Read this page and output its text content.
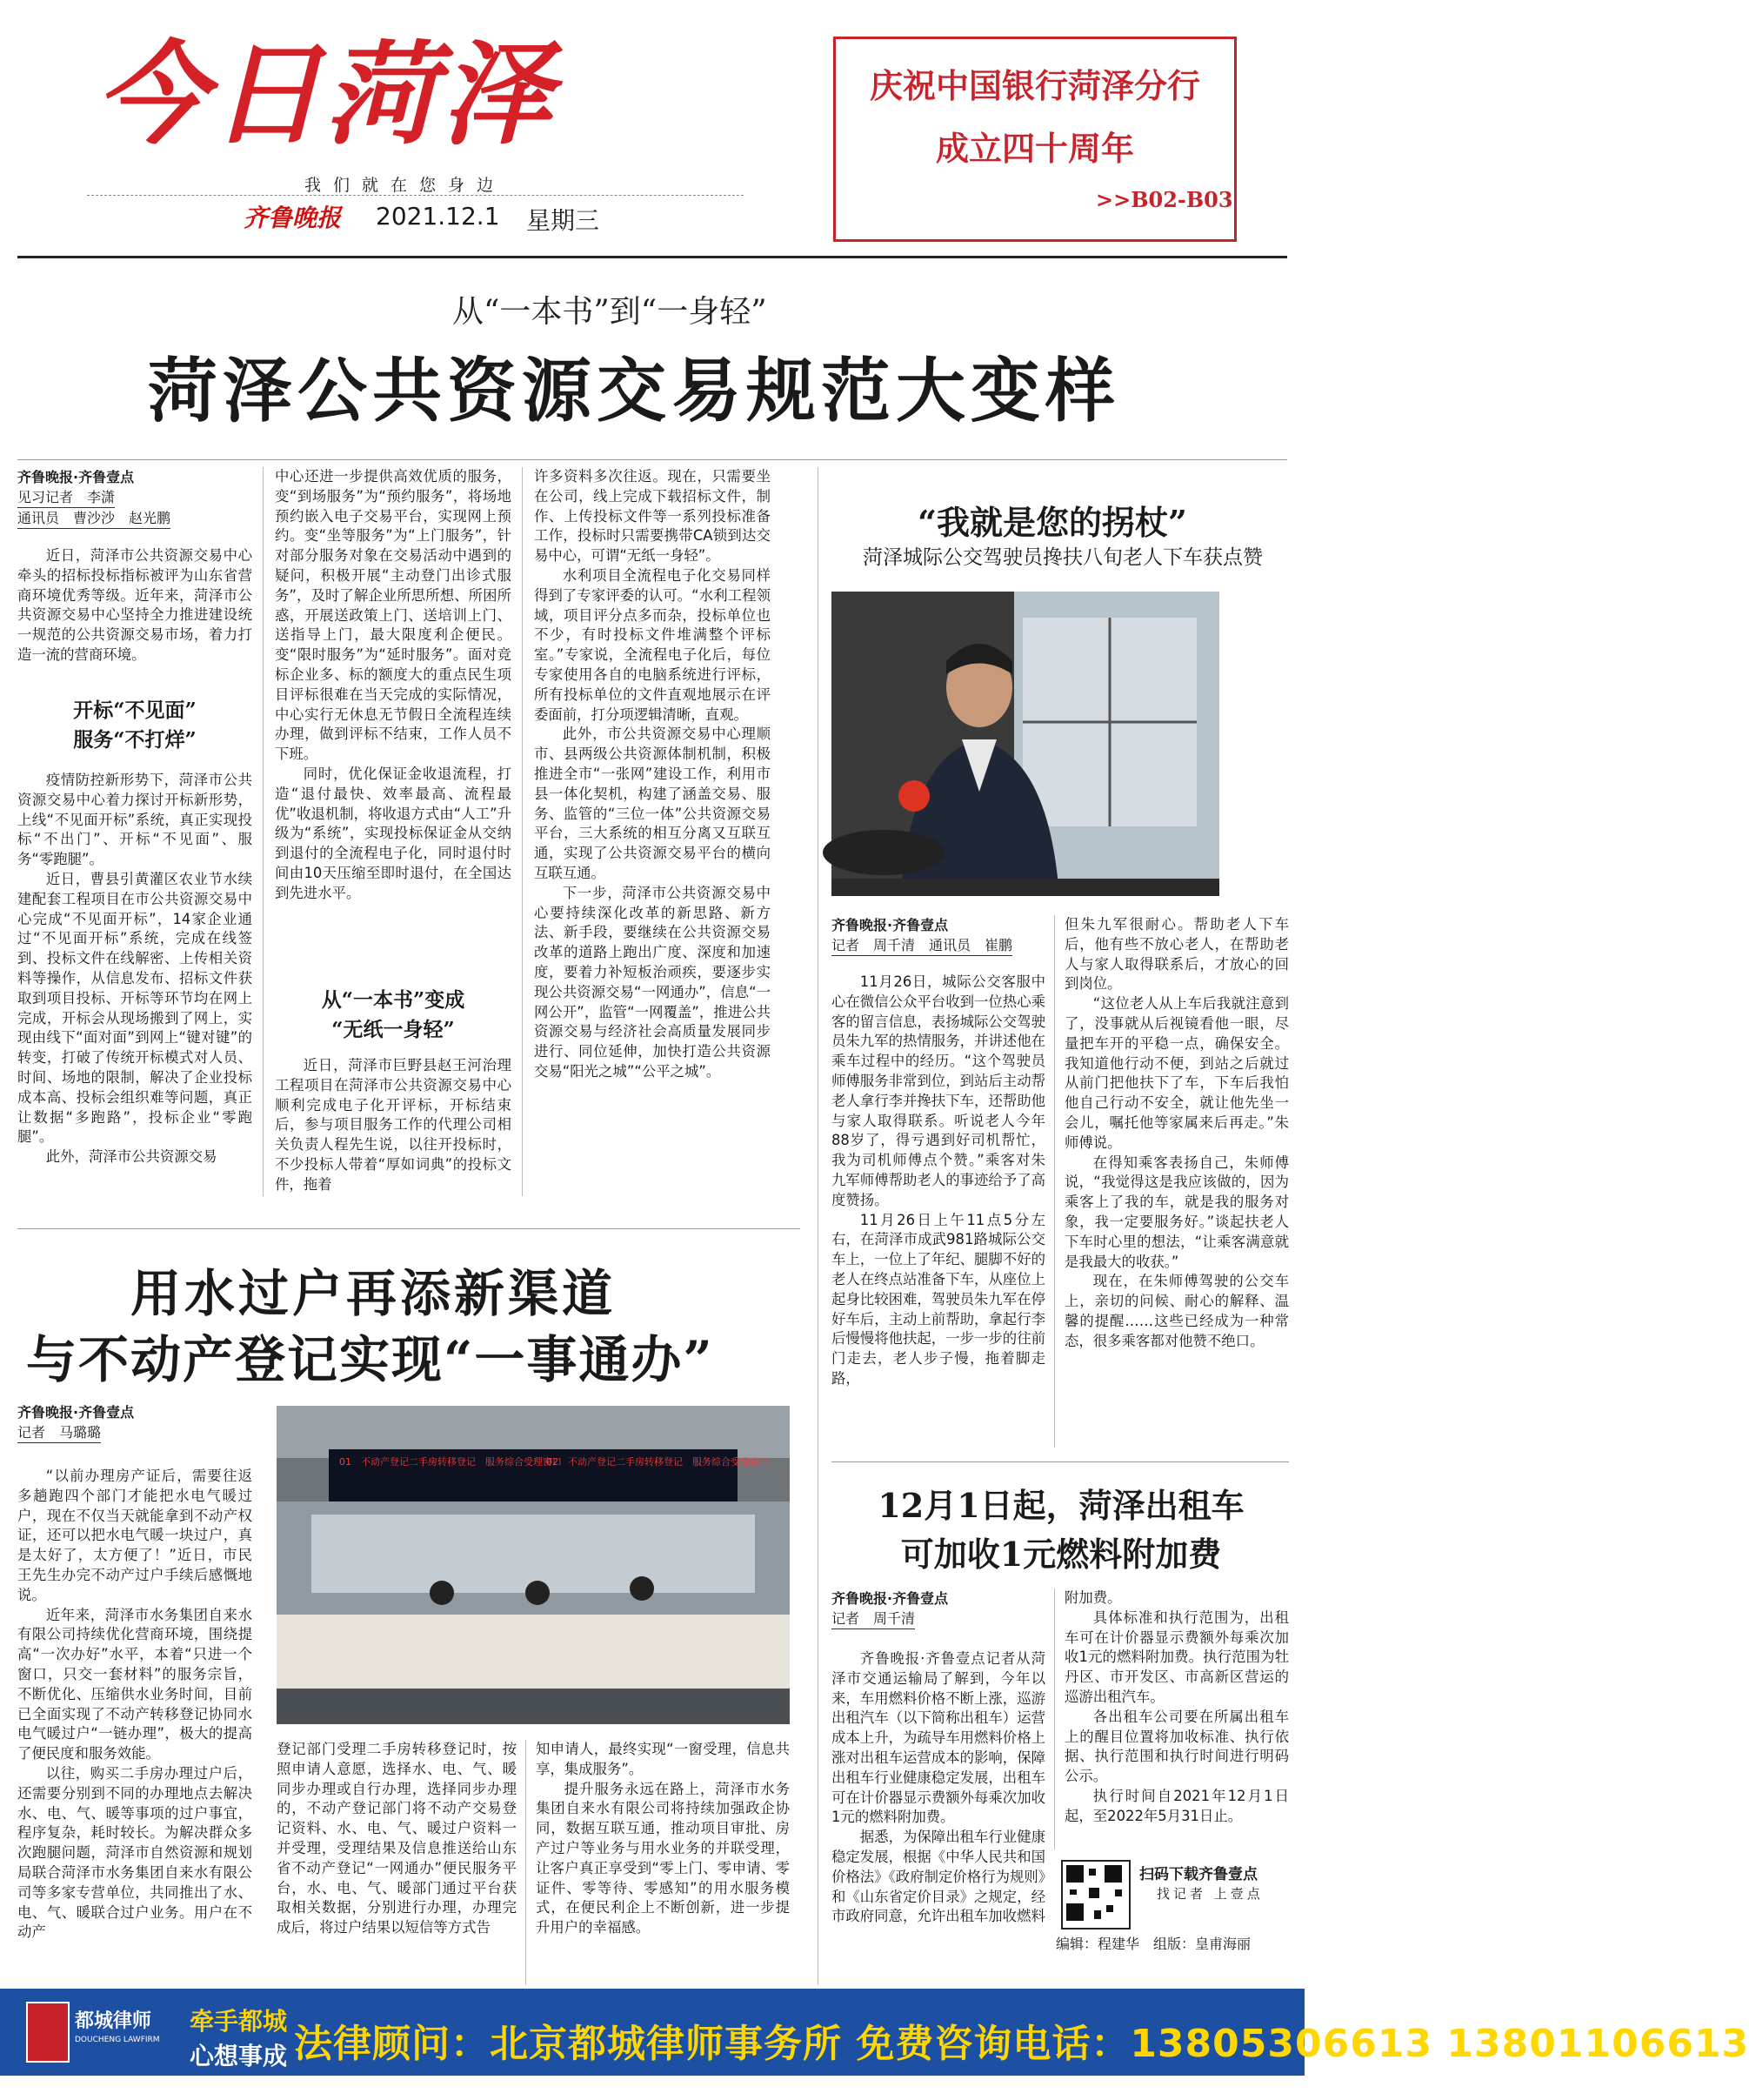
今日菏泽
我们就在您身边
齐鲁晚报 2021.12.1 星期三
庆祝中国银行菏泽分行
成立四十周年
>>B02-B03
从“一本书”到“一身轻”
菏泽公共资源交易规范大变样
齐鲁晚报·齐鲁壹点
见习记者　李潇 通讯员　曹沙沙　赵光鹏

近日，菏泽市公共资源交易中心牵头的招标投标指标被评为山东省营商环境优秀等级。近年来，菏泽市公共资源交易中心坚持全力推进建设统一规范的公共资源交易市场，着力打造一流的营商环境。

开标“不见面”
服务“不打烊”

疫情防控新形势下，菏泽市公共资源交易中心着力探讨开标新形势，上线“不见面开标”系统，真正实现投标“不出门”、开标“不见面”、服务“零跑腿”。

近日，曹县引黄灌区农业节水续建配套工程项目在市公共资源交易中心完成“不见面开标”，14家企业通过“不见面开标”系统，完成在线签到、投标文件在线解密、上传相关资料等操作，从信息发布、招标文件获取到项目投标、开标等环节均在网上完成，开标会从现场搬到了网上，实现由线下“面对面”到网上“键对键”的转变，打破了传统开标模式对人员、时间、场地的限制，解决了企业投标成本高、投标会组织难等问题，真正让数据“多跑路”，投标企业“零跑腿”。

此外，菏泽市公共资源交易

中心还进一步提供高效优质的服务，变“到场服务”为“预约服务”，将场地预约嵌入电子交易平台，实现网上预约。变“坐等服务”为“上门服务”，针对部分服务对象在交易活动中遇到的疑问，积极开展“主动登门出诊式服务”，及时了解企业所思所想、所困所惑，开展送政策上门、送培训上门、送指导上门，最大限度利企便民。变“限时服务”为“延时服务”。面对竞标企业多、标的额度大的重点民生项目评标很难在当天完成的实际情况，中心实行无休息无节假日全流程连续办理，做到评标不结束，工作人员不下班。

同时，优化保证金收退流程，打造“退付最快、效率最高、流程最优”收退机制，将收退方式由“人工”升级为“系统”，实现投标保证金从交纳到退付的全流程电子化，同时退付时间由10天压缩至即时退付，在全国达到先进水平。

从“一本书”变成
“无纸一身轻”

近日，菏泽市巨野县赵王河治理工程项目在菏泽市公共资源交易中心顺利完成电子化开评标，开标结束后，参与项目服务工作的代理公司相关负责人程先生说，以往开投标时，不少投标人带着“厚如词典”的投标文件，拖着

许多资料多次往返。现在，只需要坐在公司，线上完成下载招标文件，制作、上传投标文件等一系列投标准备工作，投标时只需要携带CA锁到达交易中心，可谓“无纸一身轻”。

水利项目全流程电子化交易同样得到了专家评委的认可。“水利工程领域，项目评分点多而杂，投标单位也不少，有时投标文件堆满整个评标室。”专家说，全流程电子化后，每位专家使用各自的电脑系统进行评标，所有投标单位的文件直观地展示在评委面前，打分项逻辑清晰，直观。

此外，市公共资源交易中心理顺市、县两级公共资源体制机制，积极推进全市“一张网”建设工作，利用市县一体化契机，构建了涵盖交易、服务、监管的“三位一体”公共资源交易平台，三大系统的相互分离又互联互通，实现了公共资源交易平台的横向互联互通。

下一步，菏泽市公共资源交易中心要持续深化改革的新思路、新方法、新手段，要继续在公共资源交易改革的道路上跑出广度、深度和加速度，要着力补短板治顽疾，要逐步实现公共资源交易“一网通办”，信息“一网公开”，监管“一网覆盖”，推进公共资源交易与经济社会高质量发展同步进行、同位延伸，加快打造公共资源交易“阳光之城”“公平之城”。

“我就是您的拐杖”
菏泽城际公交驾驶员搀扶八旬老人下车获点赞
齐鲁晚报·齐鲁壹点
记者　周千清　通讯员　崔鹏

11月26日，城际公交客服中心在微信公众平台收到一位热心乘客的留言信息，表扬城际公交驾驶员朱九军的热情服务，并讲述他在乘车过程中的经历。“这个驾驶员师傅服务非常到位，到站后主动帮老人拿行李并搀扶下车，还帮助他与家人取得联系。听说老人今年88岁了，得亏遇到好司机帮忙，我为司机师傅点个赞。”乘客对朱九军师傅帮助老人的事迹给予了高度赞扬。

11月26日上午11点5分左右，在菏泽市成武981路城际公交车上，一位上了年纪、腿脚不好的老人在终点站准备下车，从座位上起身比较困难，驾驶员朱九军在停好车后，主动上前帮助，拿起行李后慢慢将他扶起，一步一步的往前门走去，老人步子慢，拖着脚走路，

但朱九军很耐心。帮助老人下车后，他有些不放心老人，在帮助老人与家人取得联系后，才放心的回到岗位。

“这位老人从上车后我就注意到了，没事就从后视镜看他一眼，尽量把车开的平稳一点，确保安全。我知道他行动不便，到站之后就过从前门把他扶下了车，下车后我怕他自己行动不安全，就让他先坐一会儿，嘱托他等家属来后再走。”朱师傅说。

在得知乘客表扬自己，朱师傅说，“我觉得这是我应该做的，因为乘客上了我的车，就是我的服务对象，我一定要服务好。”谈起扶老人下车时心里的想法，“让乘客满意就是我最大的收获。”

现在，在朱师傅驾驶的公交车上，亲切的问候、耐心的解释、温馨的提醒……这些已经成为一种常态，很多乘客都对他赞不绝口。

用水过户再添新渠道
与不动产登记实现“一事通办”
齐鲁晚报·齐鲁壹点
记者　马璐璐

“以前办理房产证后，需要往返多趟跑四个部门才能把水电气暖过户，现在不仅当天就能拿到不动产权证，还可以把水电气暖一块过户，真是太好了，太方便了！”近日，市民王先生办完不动产过户手续后感慨地说。

近年来，菏泽市水务集团自来水有限公司持续优化营商环境，围绕提高“一次办好”水平，本着“只进一个窗口，只交一套材料”的服务宗旨，不断优化、压缩供水业务时间，目前已全面实现了不动产转移登记协同水电气暖过户“一链办理”，极大的提高了便民度和服务效能。

以往，购买二手房办理过户后，还需要分别到不同的办理地点去解决水、电、气、暖等事项的过户事宜，程序复杂，耗时较长。为解决群众多次跑腿问题，菏泽市自然资源和规划局联合菏泽市水务集团自来水有限公司等多家专营单位，共同推出了水、电、气、暖联合过户业务。用户在不动产

01　不动产登记二手房转移登记　服务综合受理窗口
02　不动产登记二手房转移登记　服务综合受理窗口

登记部门受理二手房转移登记时，按照申请人意愿，选择水、电、气、暖同步办理或自行办理，选择同步办理的，不动产登记部门将不动产交易登记资料、水、电、气、暖过户资料一并受理，受理结果及信息推送给山东省不动产登记“一网通办”便民服务平台，水、电、气、暖部门通过平台获取相关数据，分别进行办理，办理完成后，将过户结果以短信等方式告

知申请人，最终实现“一窗受理，信息共享，集成服务”。

提升服务永远在路上，菏泽市水务集团自来水有限公司将持续加强政企协同，数据互联互通，推动项目审批、房产过户等业务与用水业务的并联受理，让客户真正享受到“零上门、零申请、零证件、零等待、零感知”的用水服务模式，在便民利企上不断创新，进一步提升用户的幸福感。

12月1日起，菏泽出租车
可加收1元燃料附加费
齐鲁晚报·齐鲁壹点
记者　周千清

齐鲁晚报·齐鲁壹点记者从菏泽市交通运输局了解到，今年以来，车用燃料价格不断上涨，巡游出租汽车（以下简称出租车）运营成本上升，为疏导车用燃料价格上涨对出租车运营成本的影响，保障出租车行业健康稳定发展，出租车可在计价器显示费额外每乘次加收1元的燃料附加费。

据悉，为保障出租车行业健康稳定发展，根据《中华人民共和国价格法》《政府制定价格行为规则》和《山东省定价目录》之规定，经市政府同意，允许出租车加收燃料

附加费。

具体标准和执行范围为，出租车可在计价器显示费额外每乘次加收1元的燃料附加费。执行范围为牡丹区、市开发区、市高新区营运的巡游出租汽车。

各出租车公司要在所属出租车上的醒目位置将加收标准、执行依据、执行范围和执行时间进行明码公示。

执行时间自2021年12月1日起，至2022年5月31日止。

扫码下载齐鲁壹点
找记者 上壹点
编辑：程建华　组版：皇甫海丽
都城律师
DOUCHENG LAWFIRM
牵手都城
心想事成 法律顾问：北京都城律师事务所 免费咨询电话：13805306613 13801106613
